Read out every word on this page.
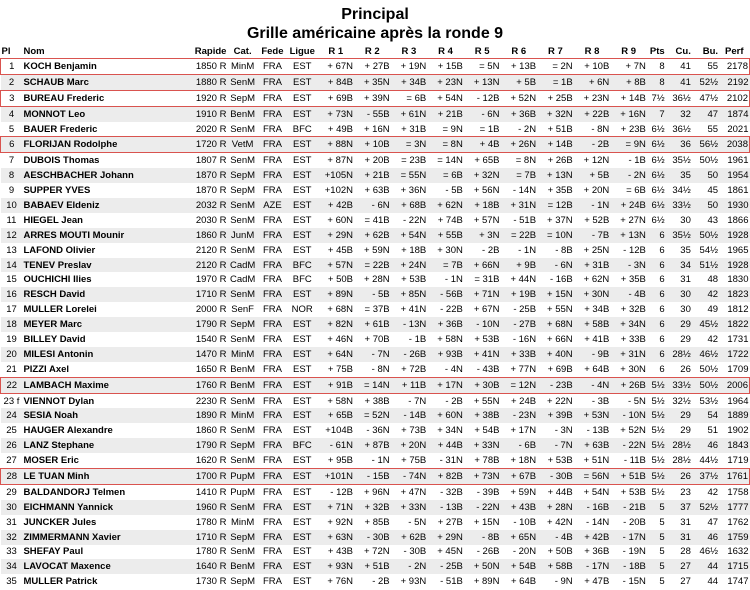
Principal
Grille américaine après la ronde 9
Pl	Nom	Rapide	Cat.	Fede	Ligue	R 1	R 2	R 3	R 4	R 5	R 6	R 7	R 8	R 9	Pts	Cu.	Bu.	Perf
1	KOCH Benjamin	1850 R	MinM	FRA	EST	+ 67N	+ 27B	+ 19N	+ 15B	= 5N	+ 13B	= 2N	+ 10B	+ 7N	8	41	55	2178
2	SCHAUB Marc	1880 R	SenM	FRA	EST	+ 84B	+ 35N	+ 34B	+ 23N	+ 13N	+ 5B	= 1B	+ 6N	+ 8B	8	41	52½	2192
3	BUREAU Frederic	1920 R	SepM	FRA	EST	+ 69B	+ 39N	= 6B	+ 54N	- 12B	+ 52N	+ 25B	+ 23N	+ 14B	7½	36½	47½	2102
4	MONNOT Leo	1910 R	BenM	FRA	EST	+ 73N	- 55B	+ 61N	+ 21B	- 6N	+ 36B	+ 32N	+ 22B	+ 16N	7	32	47	1874
5	BAUER Frederic	2020 R	SenM	FRA	BFC	+ 49B	+ 16N	+ 31B	= 9N	= 1B	- 2N	+ 51B	- 8N	+ 23B	6½	36½	55	2021
6	FLORIJAN Rodolphe	1720 R	VetM	FRA	EST	+ 88N	+ 10B	= 3N	= 8N	+ 4B	+ 26N	+ 14B	- 2B	= 9N	6½	36	56½	2038
7	DUBOIS Thomas	1807 R	SenM	FRA	EST	+ 87N	+ 20B	= 23B	= 14N	+ 65B	= 8N	+ 26B	+ 12N	- 1B	6½	35½	50½	1961
8	AESCHBACHER Johann	1870 R	SepM	FRA	EST	+105N	+ 21B	= 55N	= 6B	+ 32N	= 7B	+ 13N	+ 5B	- 2N	6½	35	50	1954
9	SUPPER YVES	1870 R	SepM	FRA	EST	+102N	+ 63B	+ 36N	- 5B	+ 56N	- 14N	+ 35B	+ 20N	= 6B	6½	34½	45	1861
10	BABAEV Eldeniz	2032 R	SenM	AZE	EST	+ 42B	- 6N	+ 68B	+ 62N	+ 18B	+ 31N	= 12B	- 1N	+ 24B	6½	33½	50	1930
11	HIEGEL Jean	2030 R	SenM	FRA	EST	+ 60N	= 41B	- 22N	+ 74B	+ 57N	- 51B	+ 37N	+ 52B	+ 27N	6½	30	43	1866
12	ARRES MOUTI Mounir	1860 R	JunM	FRA	EST	+ 29N	+ 62B	+ 54N	+ 55B	+ 3N	= 22B	= 10N	- 7B	+ 13N	6	35½	50½	1928
13	LAFOND Olivier	2120 R	SenM	FRA	EST	+ 45B	+ 59N	+ 18B	+ 30N	- 2B	- 1N	- 8B	+ 25N	- 12B	6	35	54½	1965
14	TENEV Preslav	2120 R	CadM	FRA	BFC	+ 57N	= 22B	+ 24N	= 7B	+ 66N	+ 9B	- 6N	+ 31B	- 3N	6	34	51½	1928
15	OUCHICHI Ilies	1970 R	CadM	FRA	BFC	+ 50B	+ 28N	+ 53B	- 1N	= 31B	+ 44N	- 16B	+ 62N	+ 35B	6	31	48	1830
16	RESCH David	1710 R	SenM	FRA	EST	+ 89N	- 5B	+ 85N	- 56B	+ 71N	+ 19B	+ 15N	+ 30N	- 4B	6	30	42	1823
17	MULLER Lorelei	2000 R	SenF	FRA	NOR	+ 68N	= 37B	+ 41N	- 22B	+ 67N	- 25B	+ 55N	+ 34B	+ 32B	6	30	49	1812
18	MEYER Marc	1790 R	SepM	FRA	EST	+ 82N	+ 61B	- 13N	+ 36B	- 10N	- 27B	+ 68N	+ 58B	+ 34N	6	29	45½	1822
19	BILLEY David	1540 R	SenM	FRA	EST	+ 46N	+ 70B	- 1B	+ 58N	+ 53B	- 16N	+ 66N	+ 41B	+ 33B	6	29	42	1731
20	MILESI Antonin	1470 R	MinM	FRA	EST	+ 64N	- 7N	- 26B	+ 93B	+ 41N	+ 33B	+ 40N	- 9B	+ 31N	6	28½	46½	1722
21	PIZZI Axel	1650 R	BenM	FRA	EST	+ 75B	- 8N	+ 72B	- 4N	- 43B	+ 77N	+ 69B	+ 64B	+ 30N	6	26	50½	1709
22	LAMBACH Maxime	1760 R	BenM	FRA	EST	+ 91B	= 14N	+ 11B	+ 17N	+ 30B	= 12N	- 23B	- 4N	+ 26B	5½	33½	50½	2006
23 f	VIENNOT Dylan	2230 R	SenM	FRA	EST	+ 58N	+ 38B	- 7N	- 2B	+ 55N	+ 24B	+ 22N	- 3B	- 5N	5½	32½	53½	1964
24	SESIA Noah	1890 R	MinM	FRA	EST	+ 65B	= 52N	- 14B	+ 60N	+ 38B	- 23N	+ 39B	+ 53N	- 10N	5½	29	54	1889
25	HAUGER Alexandre	1860 R	SenM	FRA	EST	+104B	- 36N	+ 73B	+ 34N	+ 54B	+ 17N	- 3N	- 13B	+ 52N	5½	29	51	1902
26	LANZ Stephane	1790 R	SepM	FRA	BFC	- 61N	+ 87B	+ 20N	+ 44B	+ 33N	- 6B	- 7N	+ 63B	- 22N	5½	28½	46	1843
27	MOSER Eric	1620 R	SenM	FRA	EST	+ 95B	- 1N	+ 75B	- 31N	+ 78B	+ 18N	+ 53B	+ 51N	- 11B	5½	28½	44½	1719
28	LE TUAN Minh	1700 R	PupM	FRA	EST	+101N	- 15B	- 74N	+ 82B	+ 73N	+ 67B	- 30B	= 56N	+ 51B	5½	26	37½	1761
29	BALDANDORJ Telmen	1410 R	PupM	FRA	EST	- 12B	+ 96N	+ 47N	- 32B	- 39B	+ 59N	+ 44B	+ 54N	+ 53B	5½	23	42	1758
30	EICHMANN Yannick	1960 R	SenM	FRA	EST	+ 71N	+ 32B	+ 33N	- 13B	- 22N	+ 43B	+ 28N	- 16B	- 21B	5	37	52½	1777
31	JUNCKER Jules	1780 R	MinM	FRA	EST	+ 92N	+ 85B	- 5N	+ 27B	+ 15N	- 10B	+ 42N	- 14N	- 20B	5	31	47	1762
32	ZIMMERMANN Xavier	1710 R	SepM	FRA	EST	+ 63N	- 30B	+ 62B	+ 29N	- 8B	+ 65N	- 4B	+ 42B	- 17N	5	31	46	1759
33	SHEFAY Paul	1780 R	SenM	FRA	EST	+ 43B	+ 72N	- 30B	+ 45N	- 26B	- 20N	+ 50B	+ 36B	- 19N	5	28	46½	1632
34	LAVOCAT Maxence	1640 R	BenM	FRA	EST	+ 93N	+ 51B	- 2N	- 25B	+ 50N	+ 54B	+ 58B	- 17N	- 18B	5	27	44	1715
35	MULLER Patrick	1730 R	SepM	FRA	EST	+ 76N	- 2B	+ 93N	- 51B	+ 89N	+ 64B	- 9N	+ 47B	- 15N	5	27	44	1747
